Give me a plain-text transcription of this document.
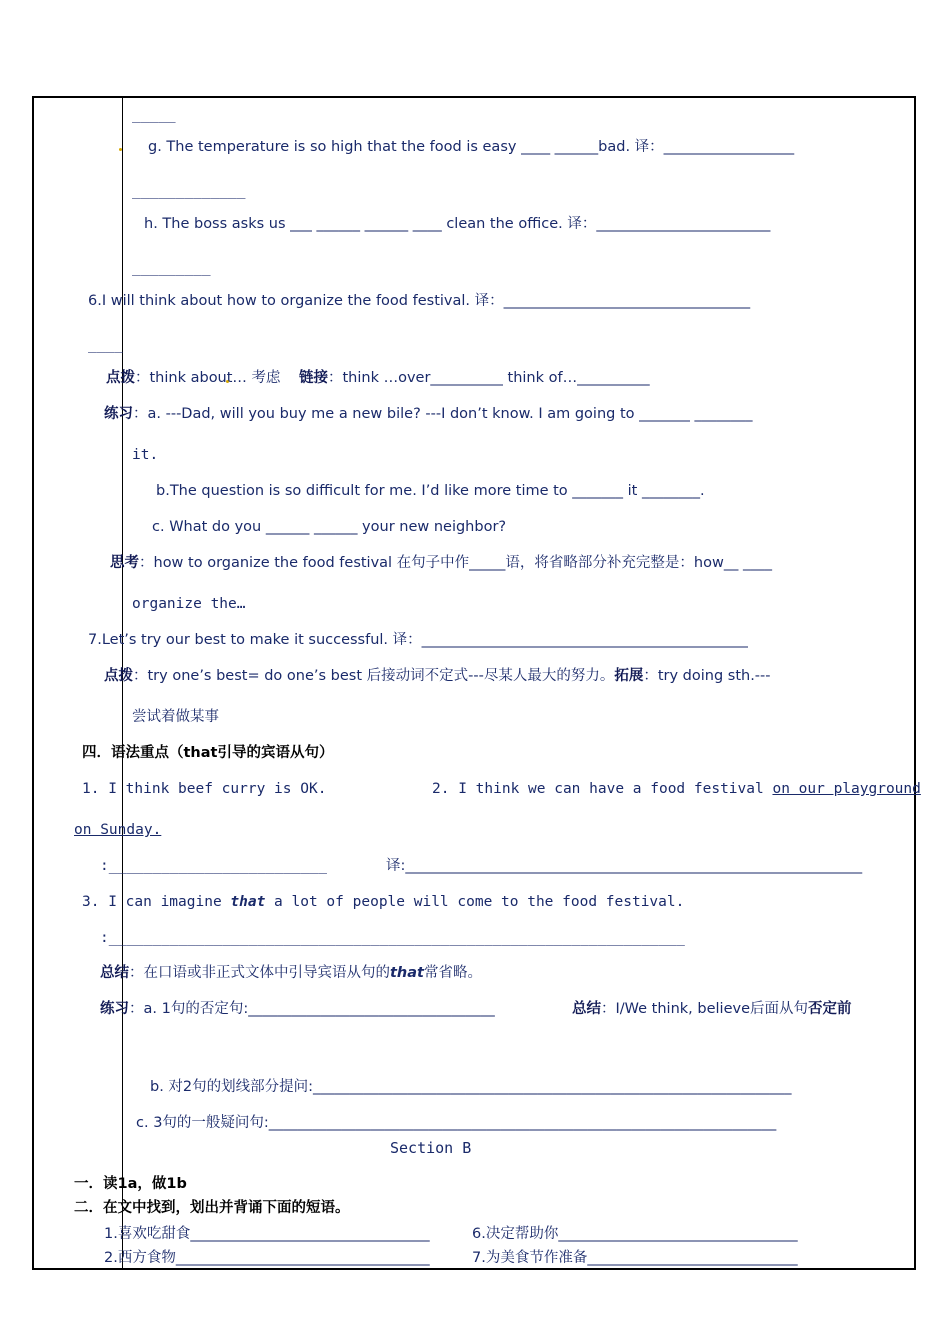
_____
g. The temperature is so high that the food is easy ____ ______bad. 译：__________________
_____________
h. The boss asks us ___ ______ ______ ____ clean the office. 译：________________________
_________
6.I will think about how to organize the food festival. 译：__________________________________
____
点拨：think about… 考虑 链接：think …over__________ think of…__________
练习：a. ---Dad, will you buy me a new bile? ---I don’t know. I am going to _______ ________
it.
b.The question is so difficult for me. I’d like more time to _______ it ________.
c. What do you ______ ______ your new neighbor?
思考：how to organize the food festival 在句子中作_____语，将省略部分补充完整是：how__ ____
organize the…
7.Let’s try our best to make it successful. 译：_____________________________________________
点拨：try one’s best= do one’s best 后接动词不定式---尽某人最大的努力。拓展：try doing sth.---
尝试着做某事
四．语法重点（that引导的宾语从句）
1. I think beef curry is OK.	2. I think we can have a food festival on our playground
on Sunday.
:_________________________	译:_______________________________________________________________
3. I can imagine that a lot of people will come to the food festival.
:__________________________________________________________________
总结：在口语或非正式文体中引导宾语从句的that常省略。
练习：a. 1句的否定句:__________________________________	总结：I/We think, believe后面从句否定前
b. 对2句的划线部分提问:__________________________________________________________________
c. 3句的一般疑问句:______________________________________________________________________
Section B
一．读1a，做1b
二．在文中找到，划出并背诵下面的短语。
1.喜欢吃甜食_________________________________	6.决定帮助你_________________________________
2.西方食物___________________________________	7.为美食节作准备_____________________________
